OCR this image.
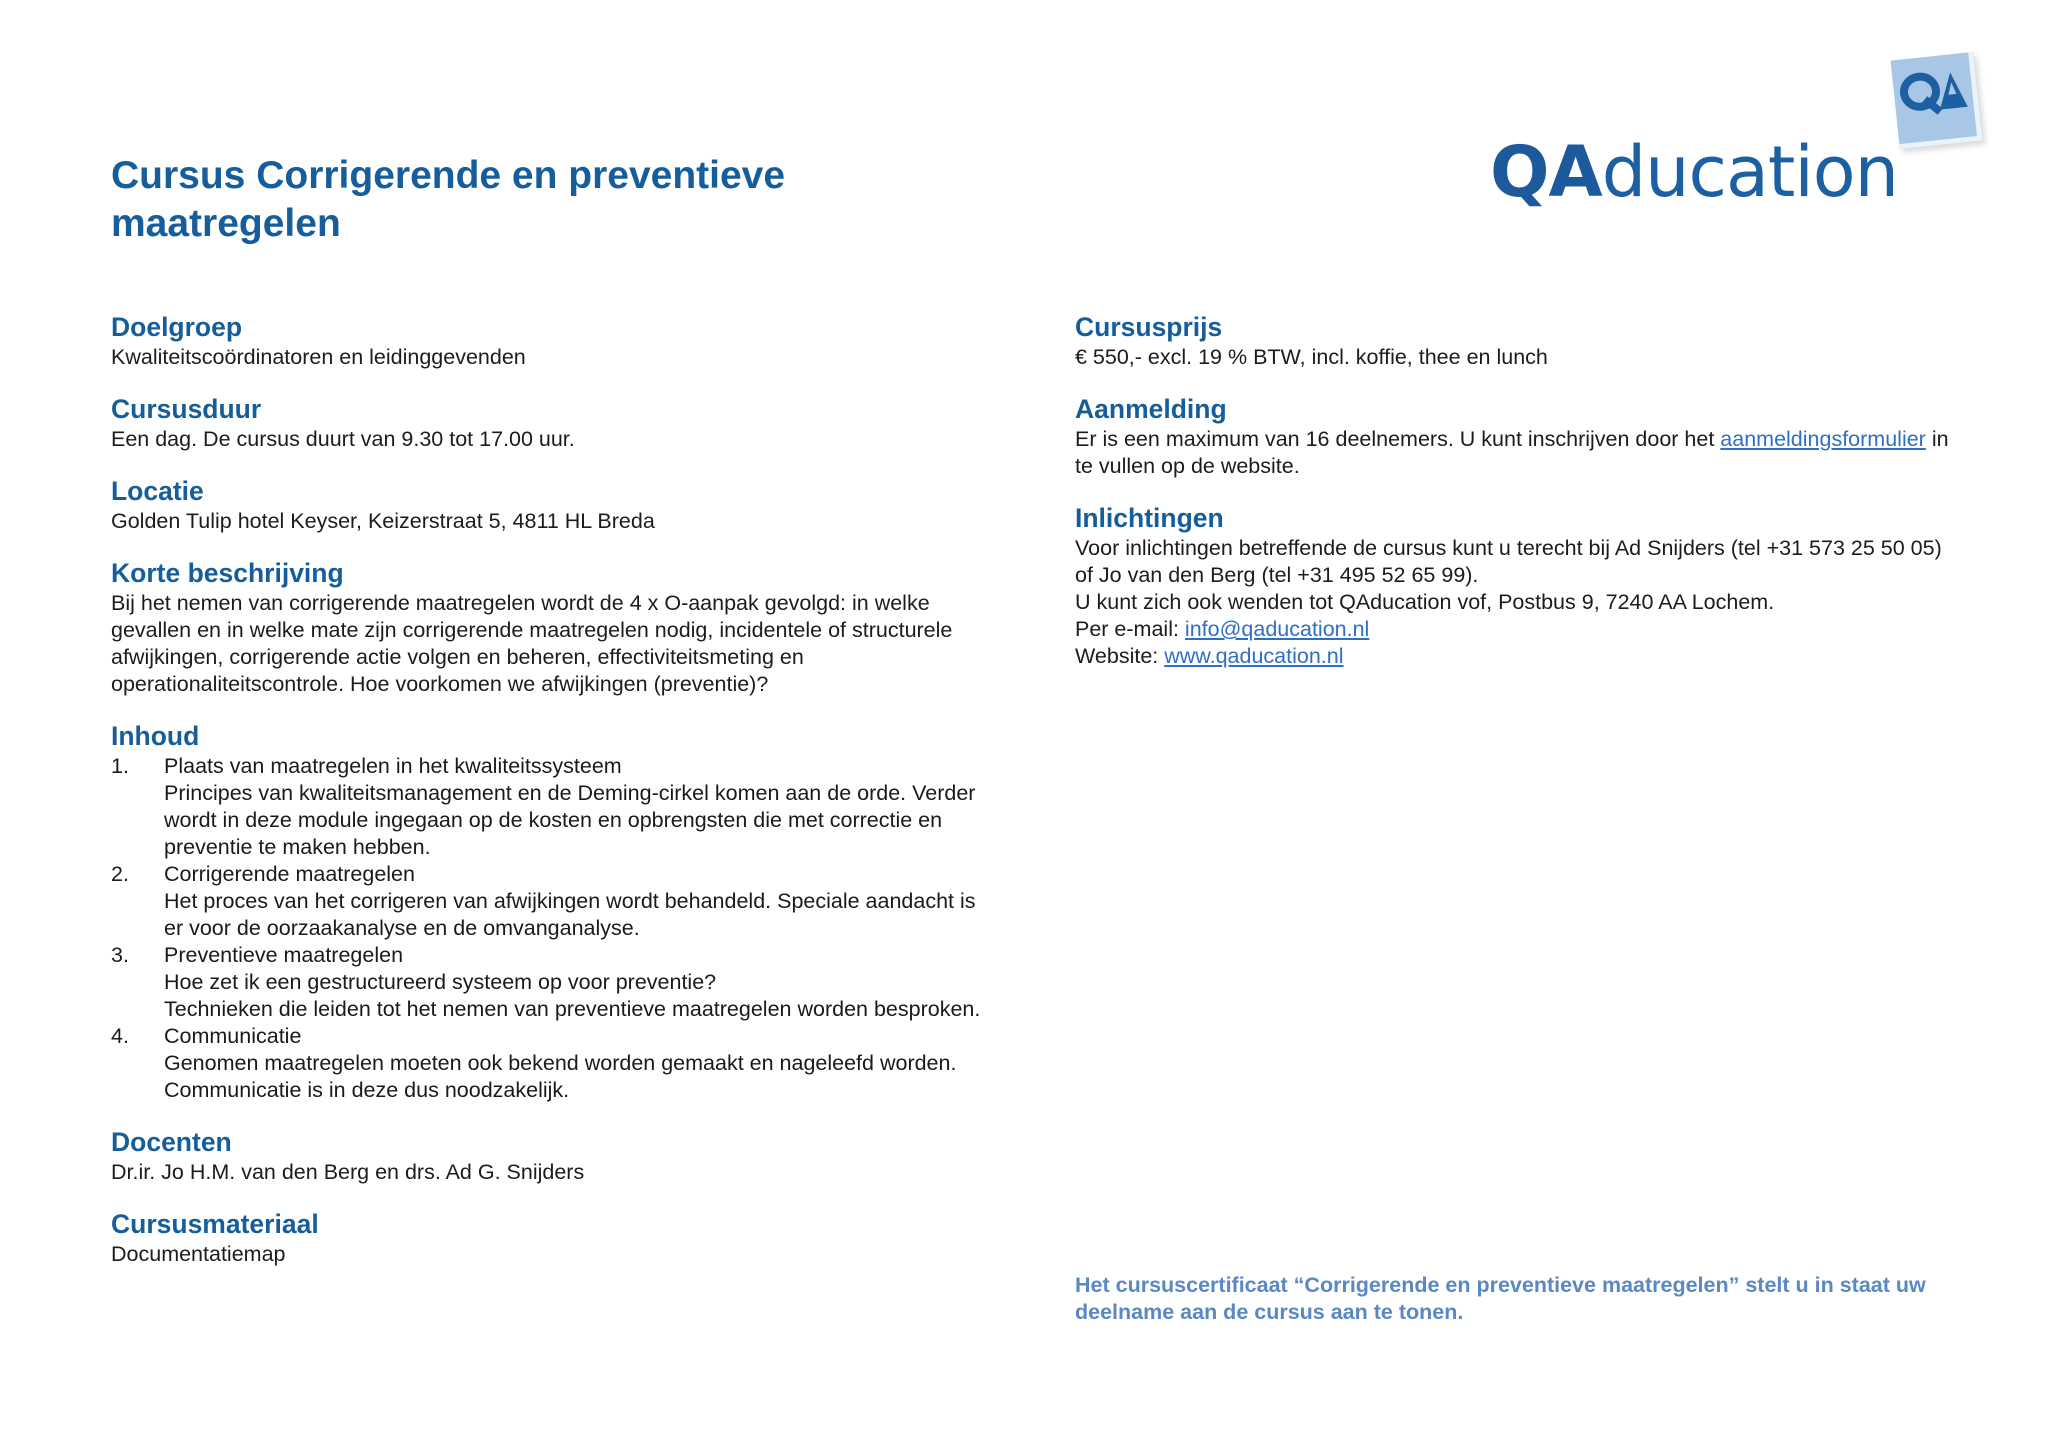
Cursus Corrigerende en preventieve maatregelen
QAducation
Doelgroep

Kwaliteitscoördinatoren en leidinggevenden

Cursusduur

Een dag. De cursus duurt van 9.30 tot 17.00 uur.

Locatie

Golden Tulip hotel Keyser, Keizerstraat 5, 4811 HL Breda

Korte beschrijving

Bij het nemen van corrigerende maatregelen wordt de 4 x O-aanpak gevolgd: in welke gevallen en in welke mate zijn corrigerende maatregelen nodig, incidentele of structurele afwijkingen, corrigerende actie volgen en beheren, effectiviteitsmeting en operationaliteitscontrole. Hoe voorkomen we afwijkingen (preventie)?

Inhoud
1. Plaats van maatregelen in het kwaliteitssysteem
Principes van kwaliteitsmanagement en de Deming-cirkel komen aan de orde. Verder wordt in deze module ingegaan op de kosten en opbrengsten die met correctie en preventie te maken hebben.
2. Corrigerende maatregelen
Het proces van het corrigeren van afwijkingen wordt behandeld. Speciale aandacht is er voor de oorzaakanalyse en de omvanganalyse.
3. Preventieve maatregelen
Hoe zet ik een gestructureerd systeem op voor preventie?
Technieken die leiden tot het nemen van preventieve maatregelen worden besproken.
4. Communicatie
Genomen maatregelen moeten ook bekend worden gemaakt en nageleefd worden. Communicatie is in deze dus noodzakelijk.
Docenten

Dr.ir. Jo H.M. van den Berg en drs. Ad G. Snijders

Cursusmateriaal

Documentatiemap

Cursusprijs

€ 550,- excl. 19 % BTW, incl. koffie, thee en lunch

Aanmelding

Er is een maximum van 16 deelnemers. U kunt inschrijven door het aanmeldingsformulier in te vullen op de website.

Inlichtingen

Voor inlichtingen betreffende de cursus kunt u terecht bij Ad Snijders (tel +31 573 25 50 05) of Jo van den Berg (tel +31 495 52 65 99).

U kunt zich ook wenden tot QAducation vof, Postbus 9, 7240 AA Lochem.

Per e-mail: info@qaducation.nl

Website: www.qaducation.nl

Het cursuscertificaat “Corrigerende en preventieve maatregelen” stelt u in staat uw deelname aan de cursus aan te tonen.
